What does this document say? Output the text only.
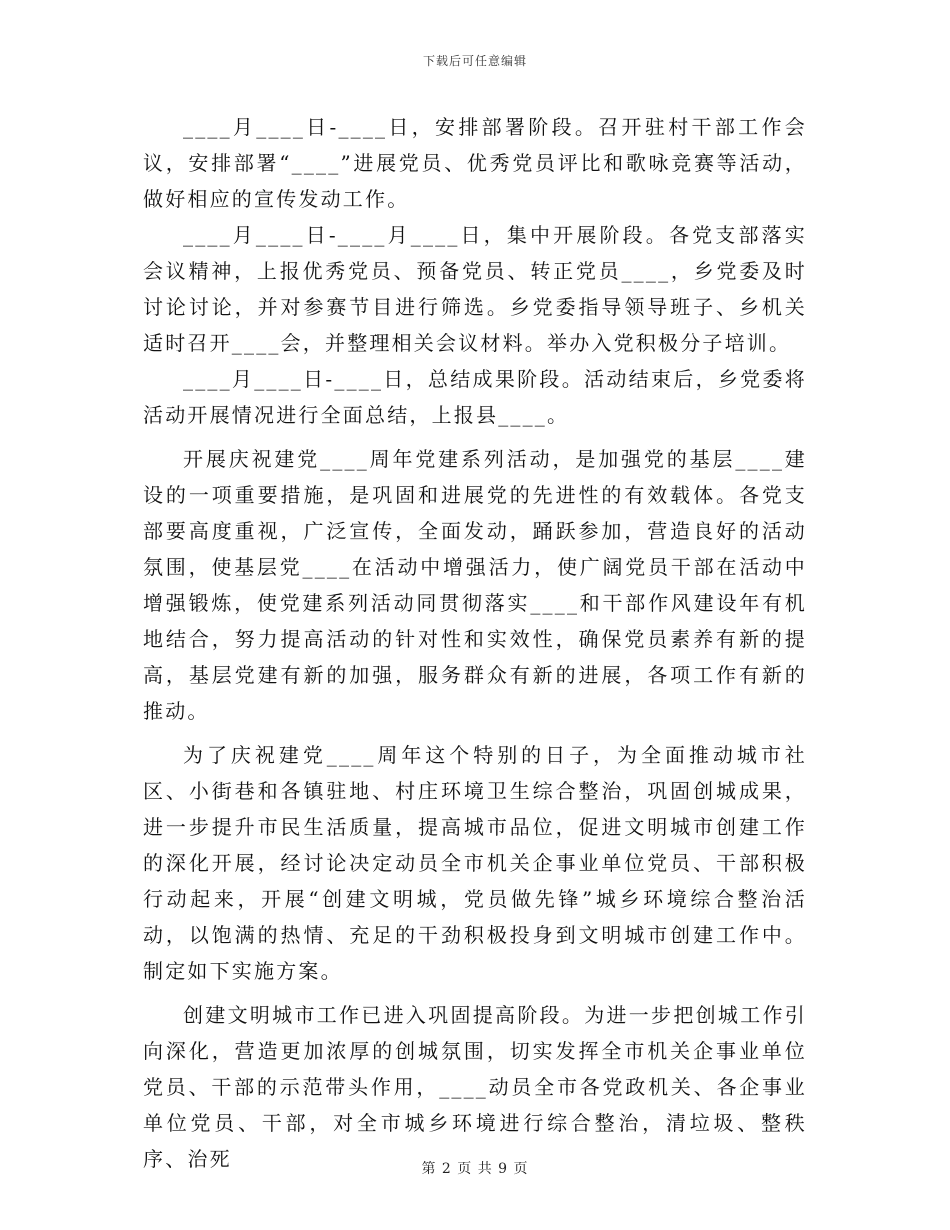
下载后可任意编辑

____月____日-____日，安排部署阶段。召开驻村干部工作会议，安排部署“____”进展党员、优秀党员评比和歌咏竞赛等活动，做好相应的宣传发动工作。

____月____日-____月____日，集中开展阶段。各党支部落实会议精神，上报优秀党员、预备党员、转正党员____，乡党委及时讨论讨论，并对参赛节目进行筛选。乡党委指导领导班子、乡机关适时召开____会，并整理相关会议材料。举办入党积极分子培训。

____月____日-____日，总结成果阶段。活动结束后，乡党委将活动开展情况进行全面总结，上报县____。

开展庆祝建党____周年党建系列活动，是加强党的基层____建设的一项重要措施，是巩固和进展党的先进性的有效载体。各党支部要高度重视，广泛宣传，全面发动，踊跃参加，营造良好的活动氛围，使基层党____在活动中增强活力，使广阔党员干部在活动中增强锻炼，使党建系列活动同贯彻落实____和干部作风建设年有机地结合，努力提高活动的针对性和实效性，确保党员素养有新的提高，基层党建有新的加强，服务群众有新的进展，各项工作有新的推动。

为了庆祝建党____周年这个特别的日子，为全面推动城市社区、小街巷和各镇驻地、村庄环境卫生综合整治，巩固创城成果，进一步提升市民生活质量，提高城市品位，促进文明城市创建工作的深化开展，经讨论决定动员全市机关企事业单位党员、干部积极行动起来，开展“创建文明城，党员做先锋”城乡环境综合整治活动，以饱满的热情、充足的干劲积极投身到文明城市创建工作中。制定如下实施方案。

创建文明城市工作已进入巩固提高阶段。为进一步把创城工作引向深化，营造更加浓厚的创城氛围，切实发挥全市机关企事业单位党员、干部的示范带头作用，____动员全市各党政机关、各企事业单位党员、干部，对全市城乡环境进行综合整治，清垃圾、整秩序、治死	第 2 页 共 9 页
